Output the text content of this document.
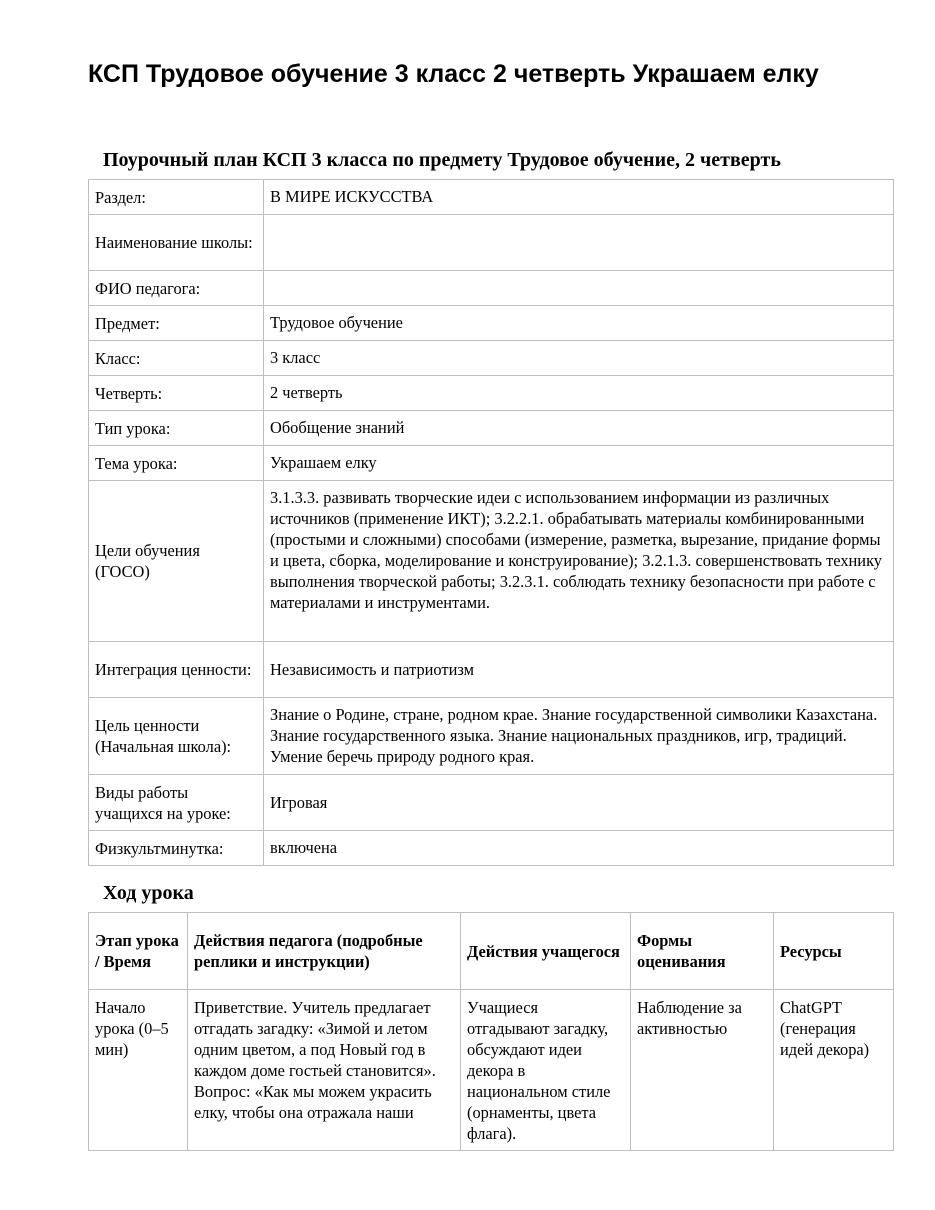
КСП Трудовое обучение 3 класс 2 четверть Украшаем елку
Поурочный план КСП 3 класса по предмету Трудовое обучение, 2 четверть
Раздел:	В МИРЕ ИСКУССТВА
Наименование школы:	
ФИО педагога:	
Предмет:	Трудовое обучение
Класс:	3 класс
Четверть:	2 четверть
Тип урока:	Обобщение знаний
Тема урока:	Украшаем елку
Цели обучения (ГОСО)	3.1.3.3. развивать творческие идеи с использованием информации из различных источников (применение ИКТ); 3.2.2.1. обрабатывать материалы комбинированными (простыми и сложными) способами (измерение, разметка, вырезание, придание формы и цвета, сборка, моделирование и конструирование); 3.2.1.3. совершенствовать технику выполнения творческой работы; 3.2.3.1. соблюдать технику безопасности при работе с материалами и инструментами.
Интеграция ценности:	Независимость и патриотизм
Цель ценности (Начальная школа):	Знание о Родине, стране, родном крае. Знание государственной символики Казахстана. Знание государственного языка. Знание национальных праздников, игр, традиций. Умение беречь природу родного края.
Виды работы учащихся на уроке:	Игровая
Физкультминутка:	включена
Ход урока
Этап урока / Время	Действия педагога (подробные реплики и инструкции)	Действия учащегося	Формы оценивания	Ресурсы

Начало урока (0–5 мин)	Приветствие. Учитель предлагает отгадать загадку: «Зимой и летом одним цветом, а под Новый год в каждом доме гостьей становится». Вопрос: «Как мы можем украсить елку, чтобы она отражала наши	Учащиеся отгадывают загадку, обсуждают идеи декора в национальном стиле (орнаменты, цвета флага).	Наблюдение за активностью	ChatGPT (генерация идей декора)
